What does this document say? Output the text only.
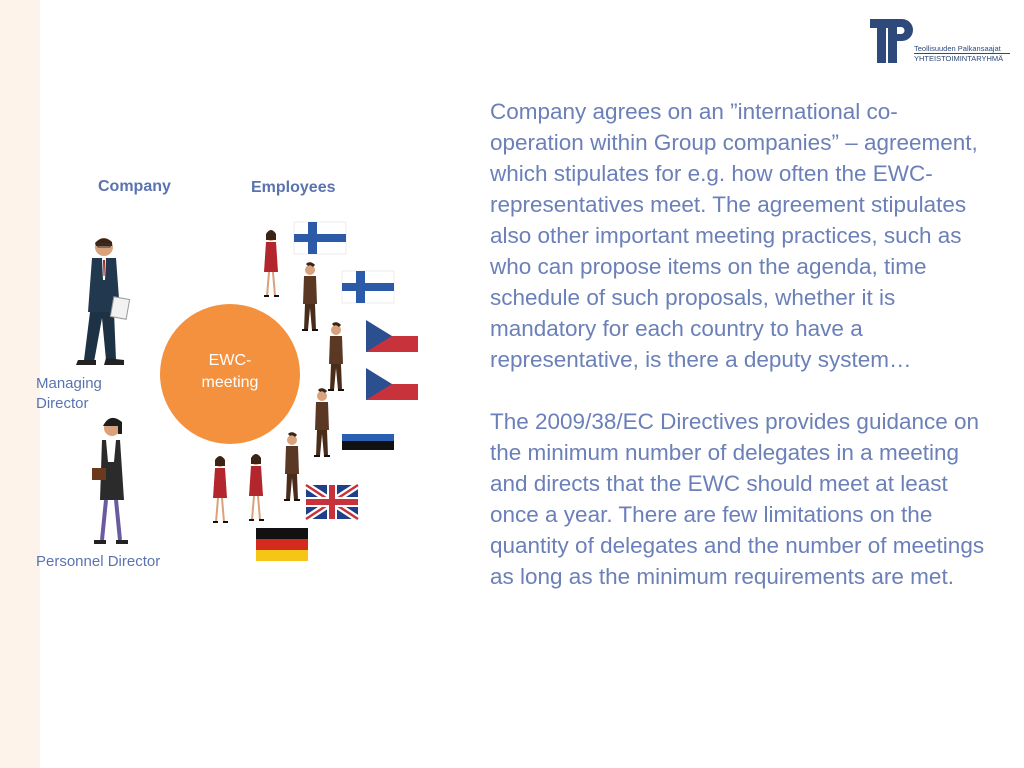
Teollisuuden Palkansaajat
YHTEISTOIMINTARYHMÄ
Company	Employees
Managing
Director
Personnel Director
EWC-
meeting

Company agrees on an ”international co-operation within Group companies” – agreement, which stipulates for e.g. how often the EWC-representatives meet. The agreement stipulates also other important meeting practices, such as who can propose items on the agenda, time schedule of such proposals, whether it is mandatory for each country to have a representative, is there a deputy system…

The 2009/38/EC Directives provides guidance on the minimum number of delegates in a meeting and directs that the EWC should meet at least once a year. There are few limitations on the quantity of delegates and the number of meetings as long as the minimum requirements are met.
